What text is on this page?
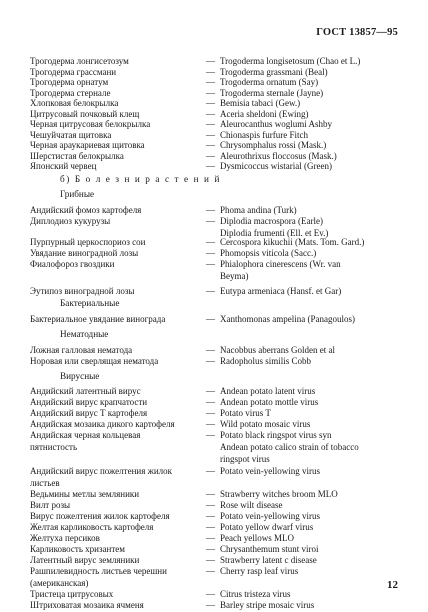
ГОСТ 13857—95
Трогодерма лонгисетозум	— Trogoderma longisetosum (Chao et L.)
Трогодерма грассмани	— Trogoderma grassmani (Beal)
Трогодерма орнатум	— Trogoderma ornatum (Say)
Трогодерма стернале	— Trogoderma sternale (Jayne)
Хлопковая белокрылка	— Bemisia tabaci (Gew.)
Цитрусовый почковый клещ	— Aceria sheldoni (Ewing)
Черная цитрусовая белокрылка	— Aleurocanthus woglumi Ashby
Чешуйчатая щитовка	— Chionaspis furfure Fitch
Черная араукариевая щитовка	— Chrysomphalus rossi (Mask.)
Шерстистая белокрылка	— Aleurothrixus floccosus (Mask.)
Японский червец	— Dysmicoccus wistarial (Green)
б) Б о л е з н и р а с т е н и й
Грибные
Андийский фомоз картофеля	— Phoma andina (Turk)
Диплодиоз кукурузы	— Diplodia macrospora (Earle)
Diplodia frumenti (Ell. et Ev.)
Пурпурный церкоспориоз сои	— Cercospora kikuchii (Mats. Tom. Gard.)
Увядание виноградной лозы	— Phomopsis viticola (Sacc.)
Фиалофороз гвоздики	— Phialophora cinerescens (Wr. van
Beyma)
Эутипоз виноградной лозы	— Eutypa armeniaca (Hansf. et Gar)
Бактериальные
Бактериальное увядание винограда	— Xanthomonas ampelina (Panagoulos)
Нематодные
Ложная галловая нематода	— Nacobbus aberrans Golden et al
Норовая или сверлящая нематода	— Radopholus similis Cobb
Вирусные
Андийский латентный вирус	— Andean potato latent virus
Андийский вирус крапчатости	— Andean potato mottle virus
Андийский вирус Т картофеля	— Potato virus T
Андийская мозаика дикого картофеля	— Wild potato mosaic virus
Андийская черная кольцевая	— Potato black ringspot virus syn
пятнистость	Andean potato calico strain of tobacco
ringspot virus
Андийский вирус пожелтения жилок	— Potato vein-yellowing virus
листьев
Ведьмины метлы земляники	— Strawberry witches broom MLO
Вилт розы	— Rose wilt disease
Вирус пожелтения жилок картофеля	— Potato vein-yellowing virus
Желтая карликовость картофеля	— Potato yellow dwarf virus
Желтуха персиков	— Peach yellows MLO
Карликовость хризантем	— Chrysanthemum stunt viroi
Латентный вирус земляники	— Strawberry latent c disease
Рашпилевидность листьев черешни	— Cherry rasp leaf virus
(американская)
Тристеца цитрусовых	— Citrus tristeza virus
Штриховатая мозаика ячменя	— Barley stripe mosaic virus
12
